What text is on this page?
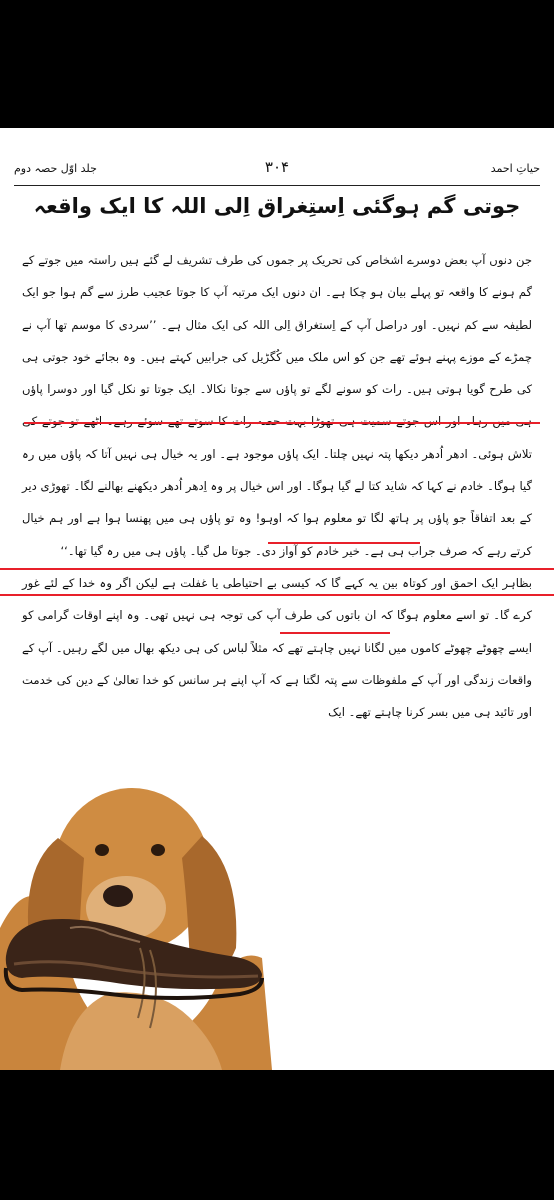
حیاتِ احمد
۳۰۴
جلد اوّل حصہ دوم
جوتی گم ہوگئی اِستِغراق اِلی اللہ کا ایک واقعہ

جن دنوں آپ بعض دوسرے اشخاص کی تحریک پر جموں کی طرف تشریف لے گئے ہیں راستہ میں جوتے کے گم ہونے کا واقعہ تو پہلے بیان ہو چکا ہے۔ ان دنوں ایک مرتبہ آپ کا جوتا عجیب طرز سے گم ہوا جو ایک لطیفہ سے کم نہیں۔ اور دراصل آپ کے اِستغراق اِلی اللہ کی ایک مثال ہے۔ ’’سردی کا موسم تھا آپ نے چمڑے کے موزے پہنے ہوئے تھے جن کو اس ملک میں کُگڑیل کی جرابیں کہتے ہیں۔ وہ بجائے خود جوتی ہی کی طرح گویا ہوتی ہیں۔ رات کو سونے لگے تو پاؤں سے جوتا نکالا۔ ایک جوتا تو نکل گیا اور دوسرا پاؤں ہی میں رہا۔ اور اس جوتے سمیت ہی تھوڑا بہت حصہ رات کا سوتے تھے سوئے رہے۔ اٹھے تو جوتے کی تلاش ہوئی۔ ادھر اُدھر دیکھا پتہ نہیں چلتا۔ ایک پاؤں موجود ہے۔ اور یہ خیال ہی نہیں آتا کہ پاؤں میں رہ گیا ہوگا۔ خادم نے کہا کہ شاید کتا لے گیا ہوگا۔ اور اس خیال پر وہ اِدھر اُدھر دیکھنے بھالنے لگا۔ تھوڑی دیر کے بعد اتفاقاً جو پاؤں پر ہاتھ لگا تو معلوم ہوا کہ اوہو! وہ تو پاؤں ہی میں پھنسا ہوا ہے اور ہم خیال کرتے رہے کہ صرف جراب ہی ہے۔ خیر خادم کو آواز دی۔ جوتا مل گیا۔ پاؤں ہی میں رہ گیا تھا۔‘‘

بظاہر ایک احمق اور کوتاہ بین یہ کہے گا کہ کیسی بے احتیاطی یا غفلت ہے لیکن اگر وہ خدا کے لئے غور کرے گا۔ تو اسے معلوم ہوگا کہ ان باتوں کی طرف آپ کی توجہ ہی نہیں تھی۔ وہ اپنے اوقات گرامی کو ایسے چھوٹے چھوٹے کاموں میں لگانا نہیں چاہتے تھے کہ مثلاً لباس کی ہی دیکھ بھال میں لگے رہیں۔ آپ کے واقعات زندگی اور آپ کے ملفوظات سے پتہ لگتا ہے کہ آپ اپنے ہر سانس کو خدا تعالیٰ کے دین کی خدمت اور تائید ہی میں بسر کرنا چاہتے تھے۔ ایک
